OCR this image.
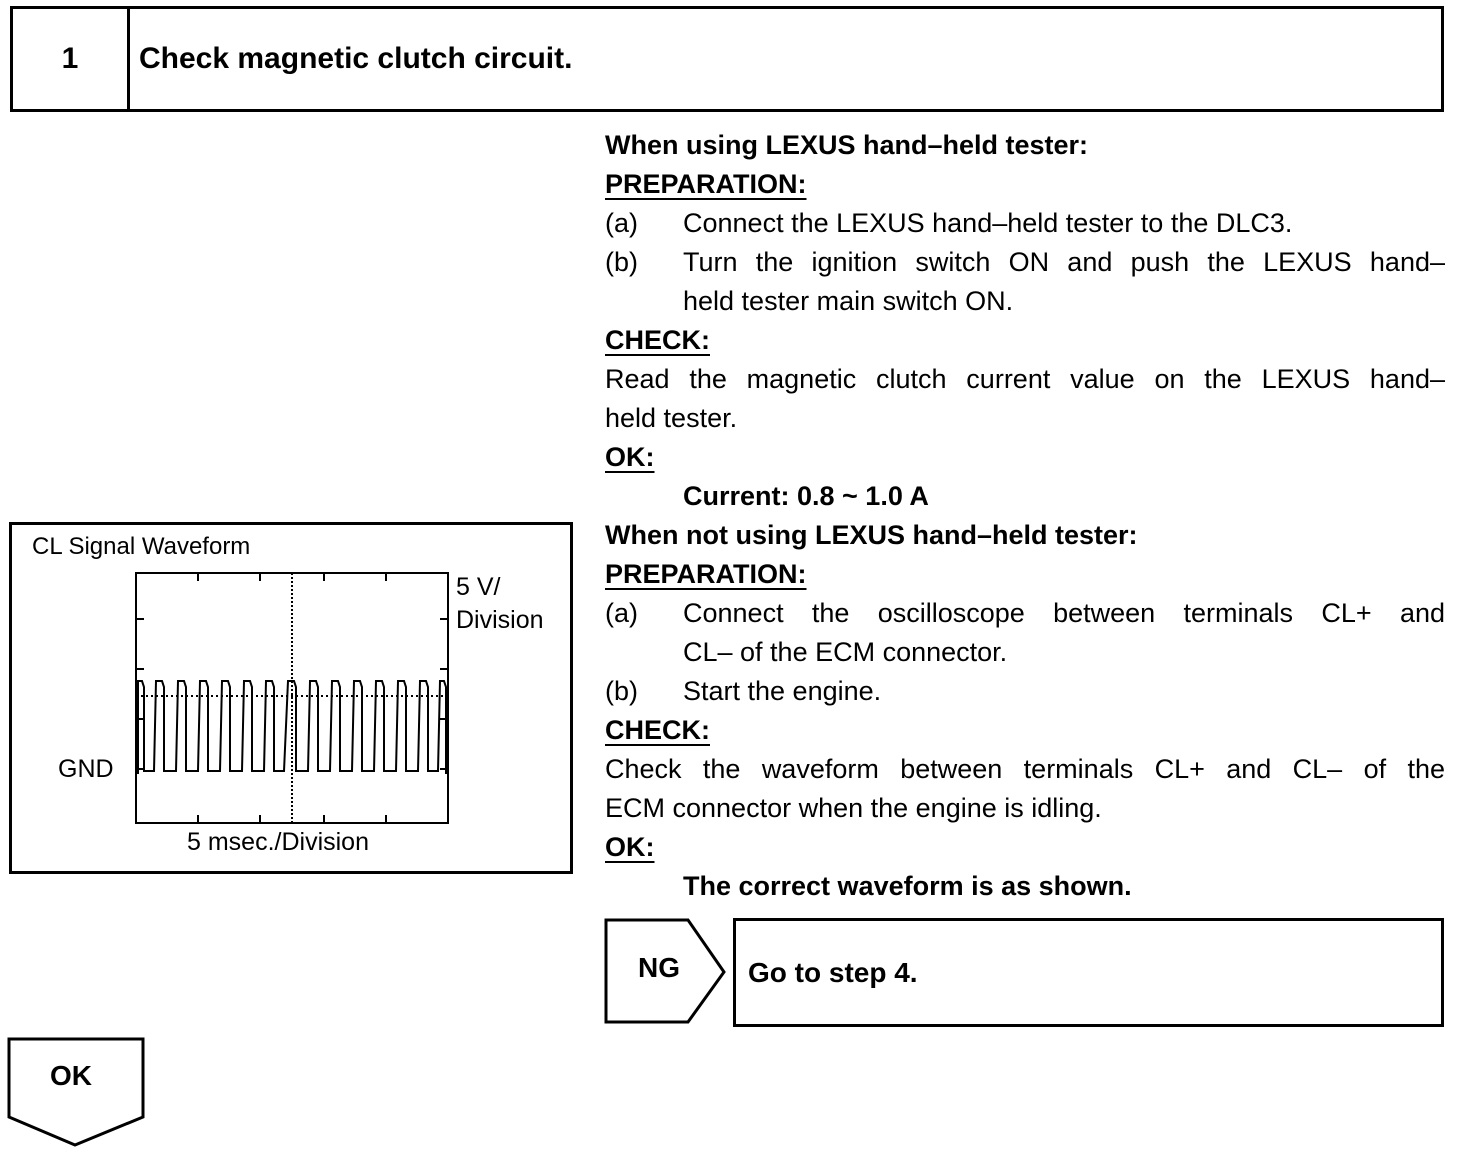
1	Check magnetic clutch circuit.
When using LEXUS hand–held tester:
PREPARATION:
(a)	Connect the LEXUS hand–held tester to the DLC3.
(b)	Turn the ignition switch ON and push the LEXUS hand–
held tester main switch ON.
CHECK:
Read the magnetic clutch current value on the LEXUS hand–
held tester.
OK:
Current: 0.8 ~ 1.0 A
When not using LEXUS hand–held tester:
PREPARATION:
(a)	Connect the oscilloscope between terminals CL+ and
CL– of the ECM connector.
(b)	Start the engine.
CHECK:
Check the waveform between terminals CL+ and CL– of the
ECM connector when the engine is idling.
OK:
The correct waveform is as shown.
CL Signal Waveform
5 V/
Division
GND
5 msec./Division
NG Go to step 4.
OK
